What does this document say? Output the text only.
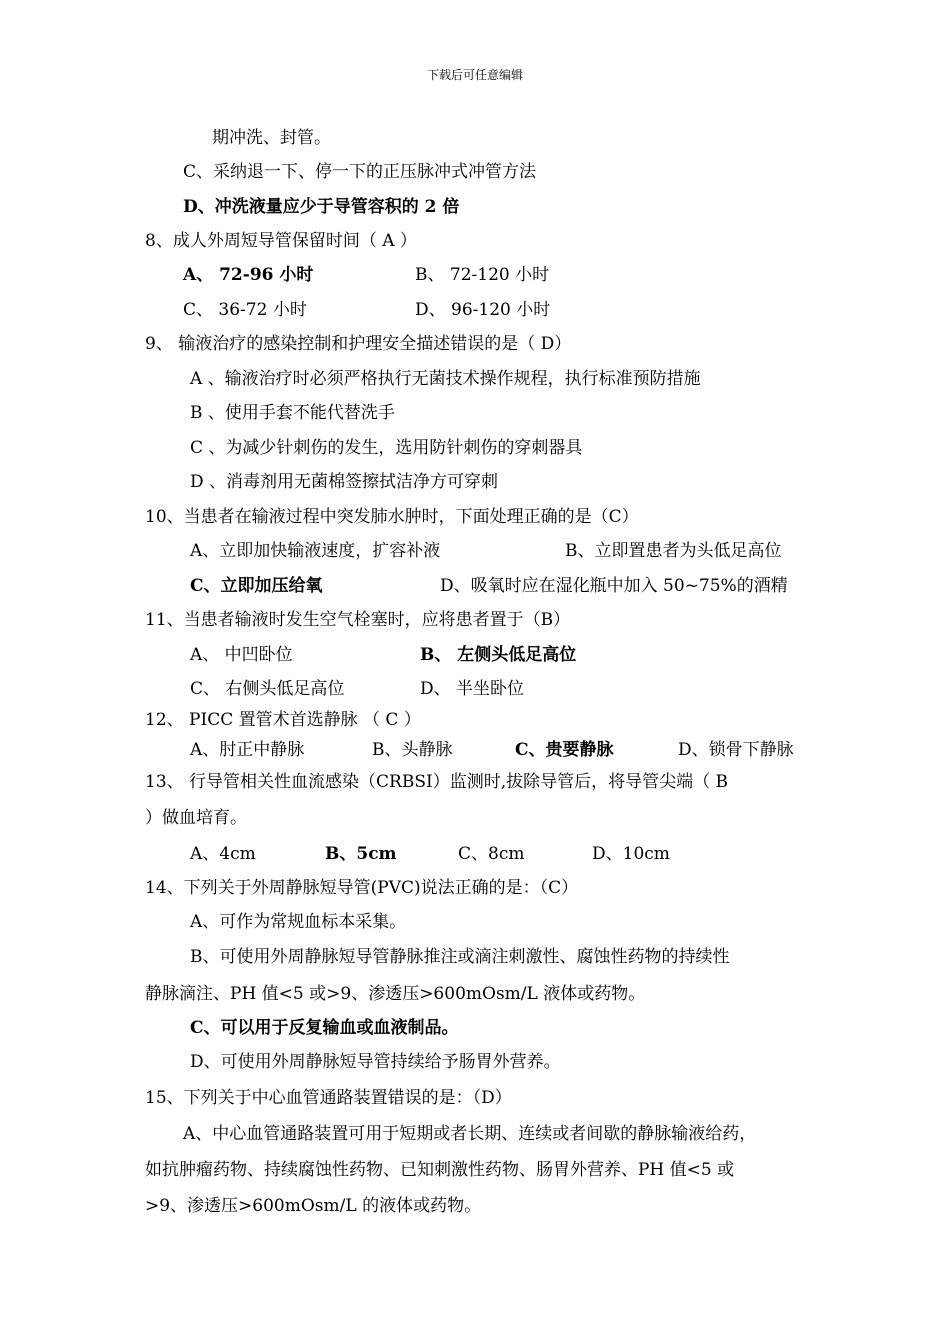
下载后可任意编辑
期冲洗、封管。
C、采纳退一下、停一下的正压脉冲式冲管方法
D、冲洗液量应少于导管容积的 2 倍
8、成人外周短导管保留时间（ A ）
A、 72-96 小时	B、 72-120 小时
C、 36-72 小时	D、 96-120 小时
9、 输液治疗的感染控制和护理安全描述错误的是（ D）
A 、输液治疗时必须严格执行无菌技术操作规程，执行标准预防措施
B 、使用手套不能代替洗手
C 、为减少针刺伤的发生，选用防针刺伤的穿刺器具
D 、消毒剂用无菌棉签擦拭洁净方可穿刺
10、当患者在输液过程中突发肺水肿时，下面处理正确的是（C）
A、立即加快输液速度，扩容补液	B、立即置患者为头低足高位
C、立即加压给氧	D、吸氧时应在湿化瓶中加入 50~75%的酒精
11、当患者输液时发生空气栓塞时，应将患者置于（B）
A、 中凹卧位	B、 左侧头低足高位
C、 右侧头低足高位	D、 半坐卧位
12、 PICC 置管术首选静脉 （ C ）
A、肘正中静脉	B、头静脉	C、贵要静脉	D、锁骨下静脉
13、 行导管相关性血流感染（CRBSI）监测时,拔除导管后，将导管尖端（ B
）做血培育。
A、4cm	B、5cm	C、8cm	D、10cm
14、下列关于外周静脉短导管(PVC)说法正确的是：（C）
A、可作为常规血标本采集。
B、可使用外周静脉短导管静脉推注或滴注刺激性、腐蚀性药物的持续性
静脉滴注、PH 值<5 或>9、渗透压>600mOsm/L 液体或药物。
C、可以用于反复输血或血液制品。
D、可使用外周静脉短导管持续给予肠胃外营养。
15、下列关于中心血管通路装置错误的是：（D）
A、中心血管通路装置可用于短期或者长期、连续或者间歇的静脉输液给药，
如抗肿瘤药物、持续腐蚀性药物、已知刺激性药物、肠胃外营养、PH 值<5 或
>9、渗透压>600mOsm/L 的液体或药物。
